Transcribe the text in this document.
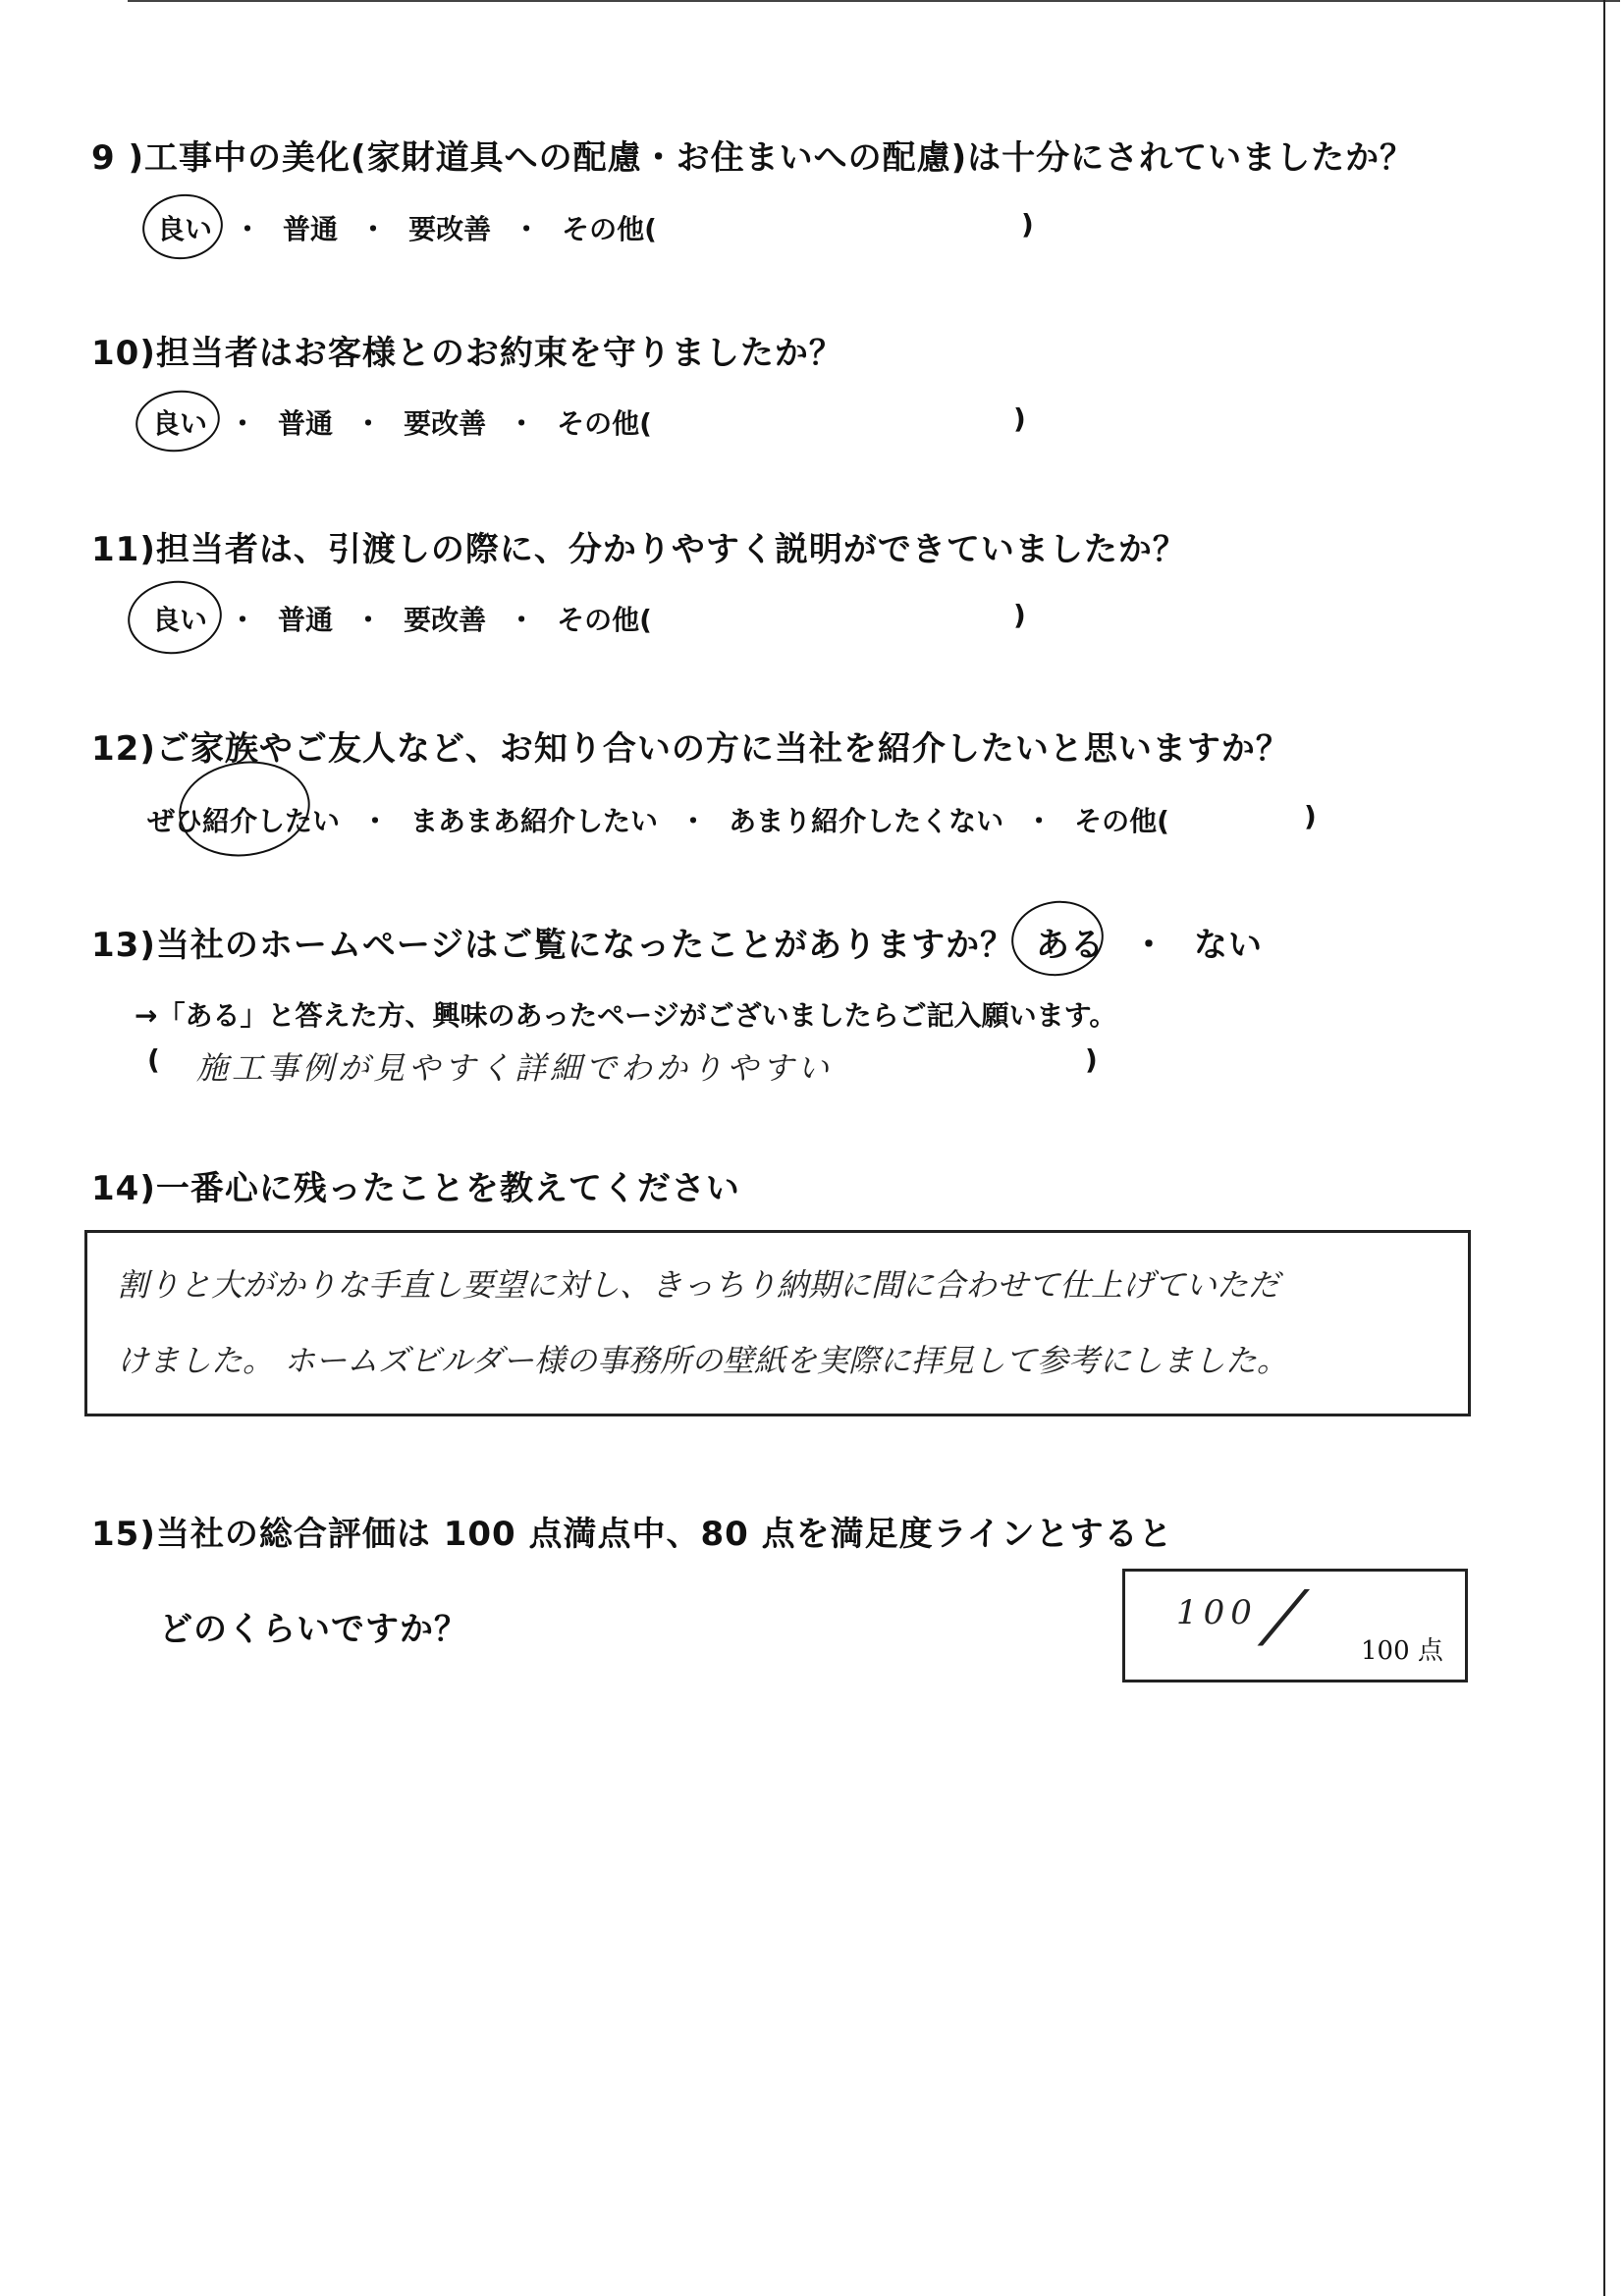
9 )工事中の美化(家財道具への配慮・お住まいへの配慮)は十分にされていましたか？
良い ・ 普通 ・ 要改善 ・ その他(	)
10)担当者はお客様とのお約束を守りましたか？
良い ・ 普通 ・ 要改善 ・ その他(	)
11)担当者は、引渡しの際に、分かりやすく説明ができていましたか？
良い ・ 普通 ・ 要改善 ・ その他(	)
12)ご家族やご友人など、お知り合いの方に当社を紹介したいと思いますか？
ぜひ紹介したい ・ まあまあ紹介したい ・ あまり紹介したくない ・ その他(	)
13)当社のホームページはご覧になったことがありますか？ ある ・ ない
→「ある」と答えた方、興味のあったページがございましたらご記入願います。
( 施工事例が見やすく詳細でわかりやすい	)
14)一番心に残ったことを教えてください
割りと大がかりな手直し要望に対し、きっちり納期に間に合わせて仕上げていただ
けました。 ホームズビルダー様の事務所の壁紙を実際に拝見して参考にしました。
15)当社の総合評価は 100 点満点中、80 点を満足度ラインとすると
どのくらいですか？	100 / 100 点
